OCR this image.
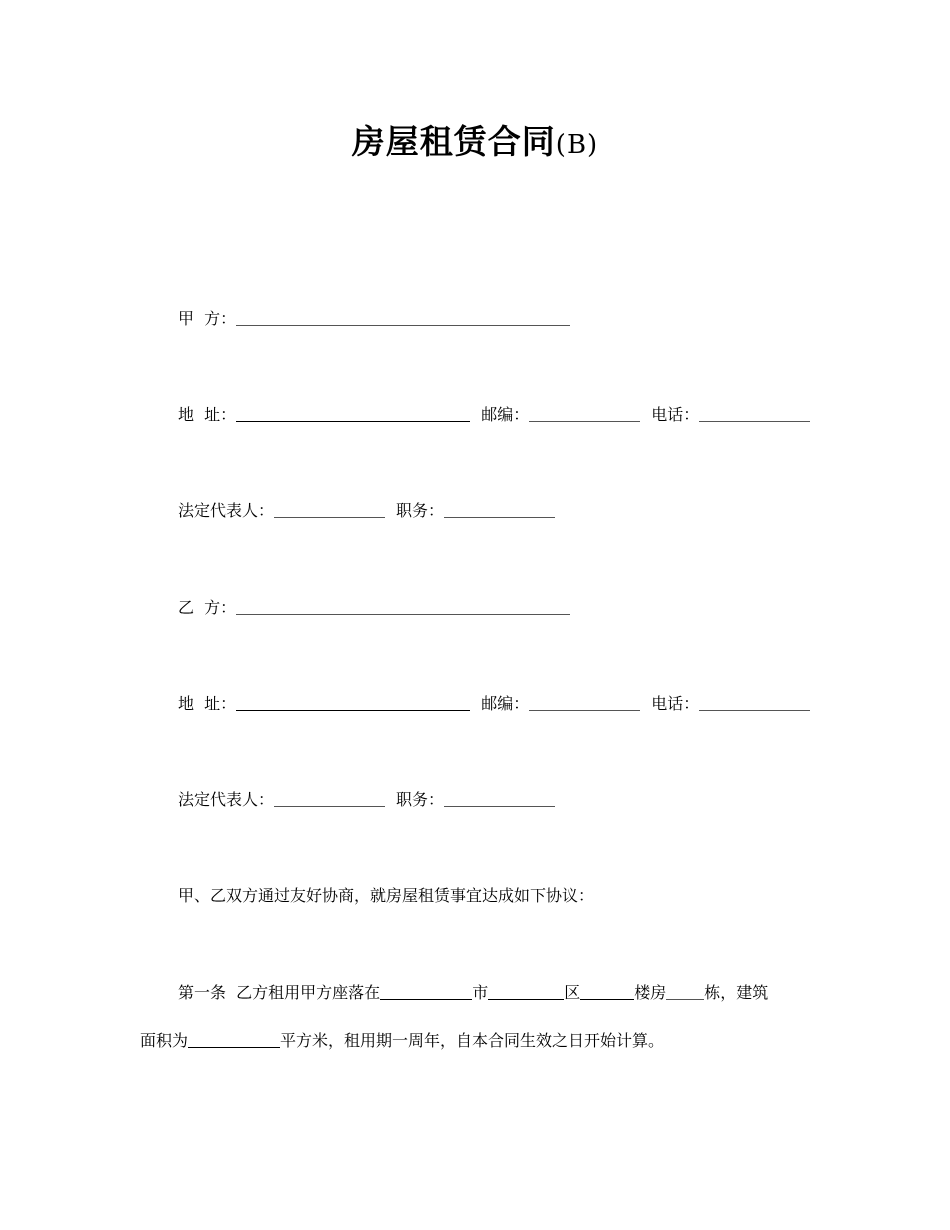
房屋租赁合同(B)
甲  方：
地  址：	邮编：	电话：
法定代表人：	职务：
乙  方：
地  址：	邮编：	电话：
法定代表人：	职务：
甲、乙双方通过友好协商，就房屋租赁事宜达成如下协议：
第一条  乙方租用甲方座落在	市	区	楼房 栋，建筑
面积为	平方米，租用期一周年，自本合同生效之日开始计算。
